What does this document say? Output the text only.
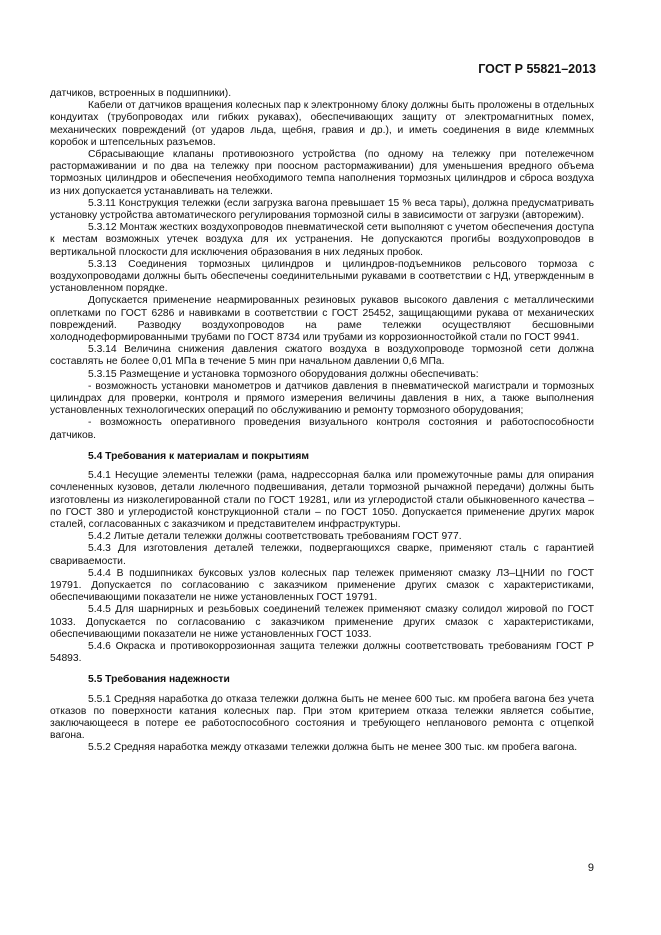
ГОСТ Р 55821–2013

датчиков, встроенных в подшипники).

Кабели от датчиков вращения колесных пар к электронному блоку должны быть проложены в отдельных кондуитах (трубопроводах или гибких рукавах), обеспечивающих защиту от электромагнитных помех, механических повреждений (от ударов льда, щебня, гравия и др.), и иметь соединения в виде клеммных коробок и штепсельных разъемов.

Сбрасывающие клапаны противоюзного устройства (по одному на тележку при потележечном растормаживании и по два на тележку при поосном растормаживании) для уменьшения вредного объема тормозных цилиндров и обеспечения необходимого темпа наполнения тормозных цилиндров и сброса воздуха из них допускается устанавливать на тележки.

5.3.11 Конструкция тележки (если загрузка вагона превышает 15 % веса тары), должна предусматривать установку устройства автоматического регулирования тормозной силы в зависимости от загрузки (авторежим).

5.3.12 Монтаж жестких воздухопроводов пневматической сети выполняют с учетом обеспечения доступа к местам возможных утечек воздуха для их устранения. Не допускаются прогибы воздухопроводов в вертикальной плоскости для исключения образования в них ледяных пробок.

5.3.13 Соединения тормозных цилиндров и цилиндров-подъемников рельсового тормоза с воздухопроводами должны быть обеспечены соединительными рукавами в соответствии с НД, утвержденным в установленном порядке.

Допускается применение неармированных резиновых рукавов высокого давления с металлическими оплетками по ГОСТ 6286 и навивками в соответствии с ГОСТ 25452, защищающими рукава от механических повреждений. Разводку воздухопроводов на раме тележки осуществляют бесшовными холоднодеформированными трубами по ГОСТ 8734 или трубами из коррозионностойкой стали по ГОСТ 9941.

5.3.14 Величина снижения давления сжатого воздуха в воздухопроводе тормозной сети должна составлять не более 0,01 МПа в течение 5 мин при начальном давлении 0,6 МПа.

5.3.15 Размещение и установка тормозного оборудования должны обеспечивать:

- возможность установки манометров и датчиков давления в пневматической магистрали и тормозных цилиндрах для проверки, контроля и прямого измерения величины давления в них, а также выполнения установленных технологических операций по обслуживанию и ремонту тормозного оборудования;

- возможность оперативного проведения визуального контроля состояния и работоспособности датчиков.

5.4 Требования к материалам и покрытиям

5.4.1 Несущие элементы тележки (рама, надрессорная балка или промежуточные рамы для опирания сочлененных кузовов, детали люлечного подвешивания, детали тормозной рычажной передачи) должны быть изготовлены из низколегированной стали по ГОСТ 19281, или из углеродистой стали обыкновенного качества – по ГОСТ 380 и углеродистой конструкционной стали – по ГОСТ 1050. Допускается применение других марок сталей, согласованных с заказчиком и представителем инфраструктуры.

5.4.2 Литые детали тележки должны соответствовать требованиям ГОСТ 977.

5.4.3 Для изготовления деталей тележки, подвергающихся сварке, применяют сталь с гарантией свариваемости.

5.4.4 В подшипниках буксовых узлов колесных пар тележек применяют смазку ЛЗ–ЦНИИ по ГОСТ 19791. Допускается по согласованию с заказчиком применение других смазок с характеристиками, обеспечивающими показатели не ниже установленных ГОСТ 19791.

5.4.5 Для шарнирных и резьбовых соединений тележек применяют смазку солидол жировой по ГОСТ 1033. Допускается по согласованию с заказчиком применение других смазок с характеристиками, обеспечивающими показатели не ниже установленных ГОСТ 1033.

5.4.6 Окраска и противокоррозионная защита тележки должны соответствовать требованиям ГОСТ Р 54893.

5.5 Требования надежности

5.5.1 Средняя наработка до отказа тележки должна быть не менее 600 тыс. км пробега вагона без учета отказов по поверхности катания колесных пар. При этом критерием отказа тележки является событие, заключающееся в потере ее работоспособного состояния и требующего непланового ремонта с отцепкой вагона.

5.5.2 Средняя наработка между отказами тележки должна быть не менее 300 тыс. км пробега вагона.

9
